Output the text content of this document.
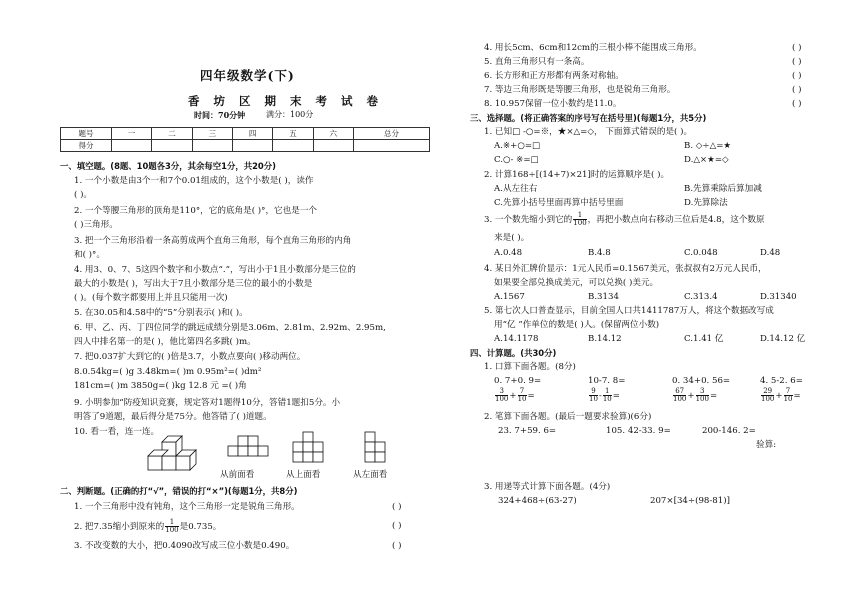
四年级数学(下)
香 坊 区 期 末 考 试 卷
时间：70分钟	满分：100分
题号	一	二	三	四	五	六	总分
得分							
一、填空题。(8题、10题各3分，其余每空1分，共20分)
1. 一个小数是由3个一和7个0.01组成的，这个小数是( )，读作
( )。
2. 一个等腰三角形的顶角是110°，它的底角是( )°，它也是一个
( )三角形。
3. 把一个三角形沿着一条高剪成两个直角三角形，每个直角三角形的内角
和( )°。
4. 用3、0、7、5这四个数字和小数点“.”，写出小于1且小数部分是三位的
最大的小数是( )，写出大于7且小数部分是三位的最小的小数是
( )。(每个数字都要用上并且只能用一次)
5. 在30.05和4.58中的“5”分别表示( )和( )。
6. 甲、乙、丙、丁四位同学的跳远成绩分别是3.06m、2.81m、2.92m、2.95m,
四人中排名第一的是( )，他比第四名多跳( )m。
7. 把0.037扩大到它的( )倍是3.7，小数点要向( )移动两位。
8.0.54kg=( )g 3.48km=( )m 0.95m²=( )dm²
181cm=( )m 3850g=( )kg 12.8 元 =( )角
9. 小明参加“防疫知识竞赛，规定答对1题得10分，答错1题扣5分。小
明答了9道题，最后得分是75分。他答错了( )道题。
10. 看一看，连一连。
从前面看	从上面看	从左面看
二、判断题。(正确的打“√”，错误的打“×”)(每题1分，共8分)
1. 一个三角形中没有钝角，这个三角形一定是锐角三角形。	( )
2. 把7.35缩小到原来的 $\frac{1}{100}$ 是0.735。	( )
3. 不改变数的大小，把0.4090改写成三位小数是0.490。	( )
4. 用长5cm、6cm和12cm的三根小棒不能围成三角形。	( )
5. 直角三角形只有一条高。	( )
6. 长方形和正方形都有两条对称轴。	( )
7. 等边三角形既是等腰三角形，也是锐角三角形。	( )
8. 10.957保留一位小数约是11.0。	( )
三、选择题。(将正确答案的序号写在括号里)(每题1分，共5分)
1. 已知□ -○=※，★×△=◇， 下面算式错误的是( )。
A.※+○=□	B. ◇÷△=★
C.○- ※=□	D.△×★=◇
2. 计算168÷[(14+7)×21]时的运算顺序是( )。
A.从左往右	B.先算乘除后算加减
C.先算小括号里面再算中括号里面	D.先算除法
3. 一个数先缩小到它的 $\frac{1}{100}$ ，再把小数点向右移动三位后是4.8，这个数原
来是( )。
A.0.48	B.4.8	C.0.048	D.48
4. 某日外汇牌价显示：1元人民币=0.1567美元，张叔叔有2万元人民币，
如果要全部兑换成美元，可以兑换( )美元。
A.1567	B.3134	C.313.4	D.31340
5. 第七次人口普查显示，目前全国人口共1411787万人，将这个数据改写成
用“亿 ”作单位的数是( )人。(保留两位小数)
A.14.1178	B.14.12	C.1.41 亿	D.14.12 亿
四、计算题。(共30分)
1. 口算下面各题。(8分)
0. 7+0. 9=	10-7. 8=	0. 34+0. 56=	4. 5-2. 6=
$\frac{3}{100} + \frac{7}{10}$ =	$\frac{9}{10} - \frac{1}{10}$ =	$\frac{67}{100} + \frac{3}{100}$ =	$\frac{29}{100} + \frac{7}{10}$ =
2. 笔算下面各题。(最后一题要求验算)(6分)
23. 7+59. 6=	105. 42-33. 9=	200-146. 2=
验算:
3. 用递等式计算下面各题。(4分)
324+468÷(63-27)	207×[34÷(98-81)]
